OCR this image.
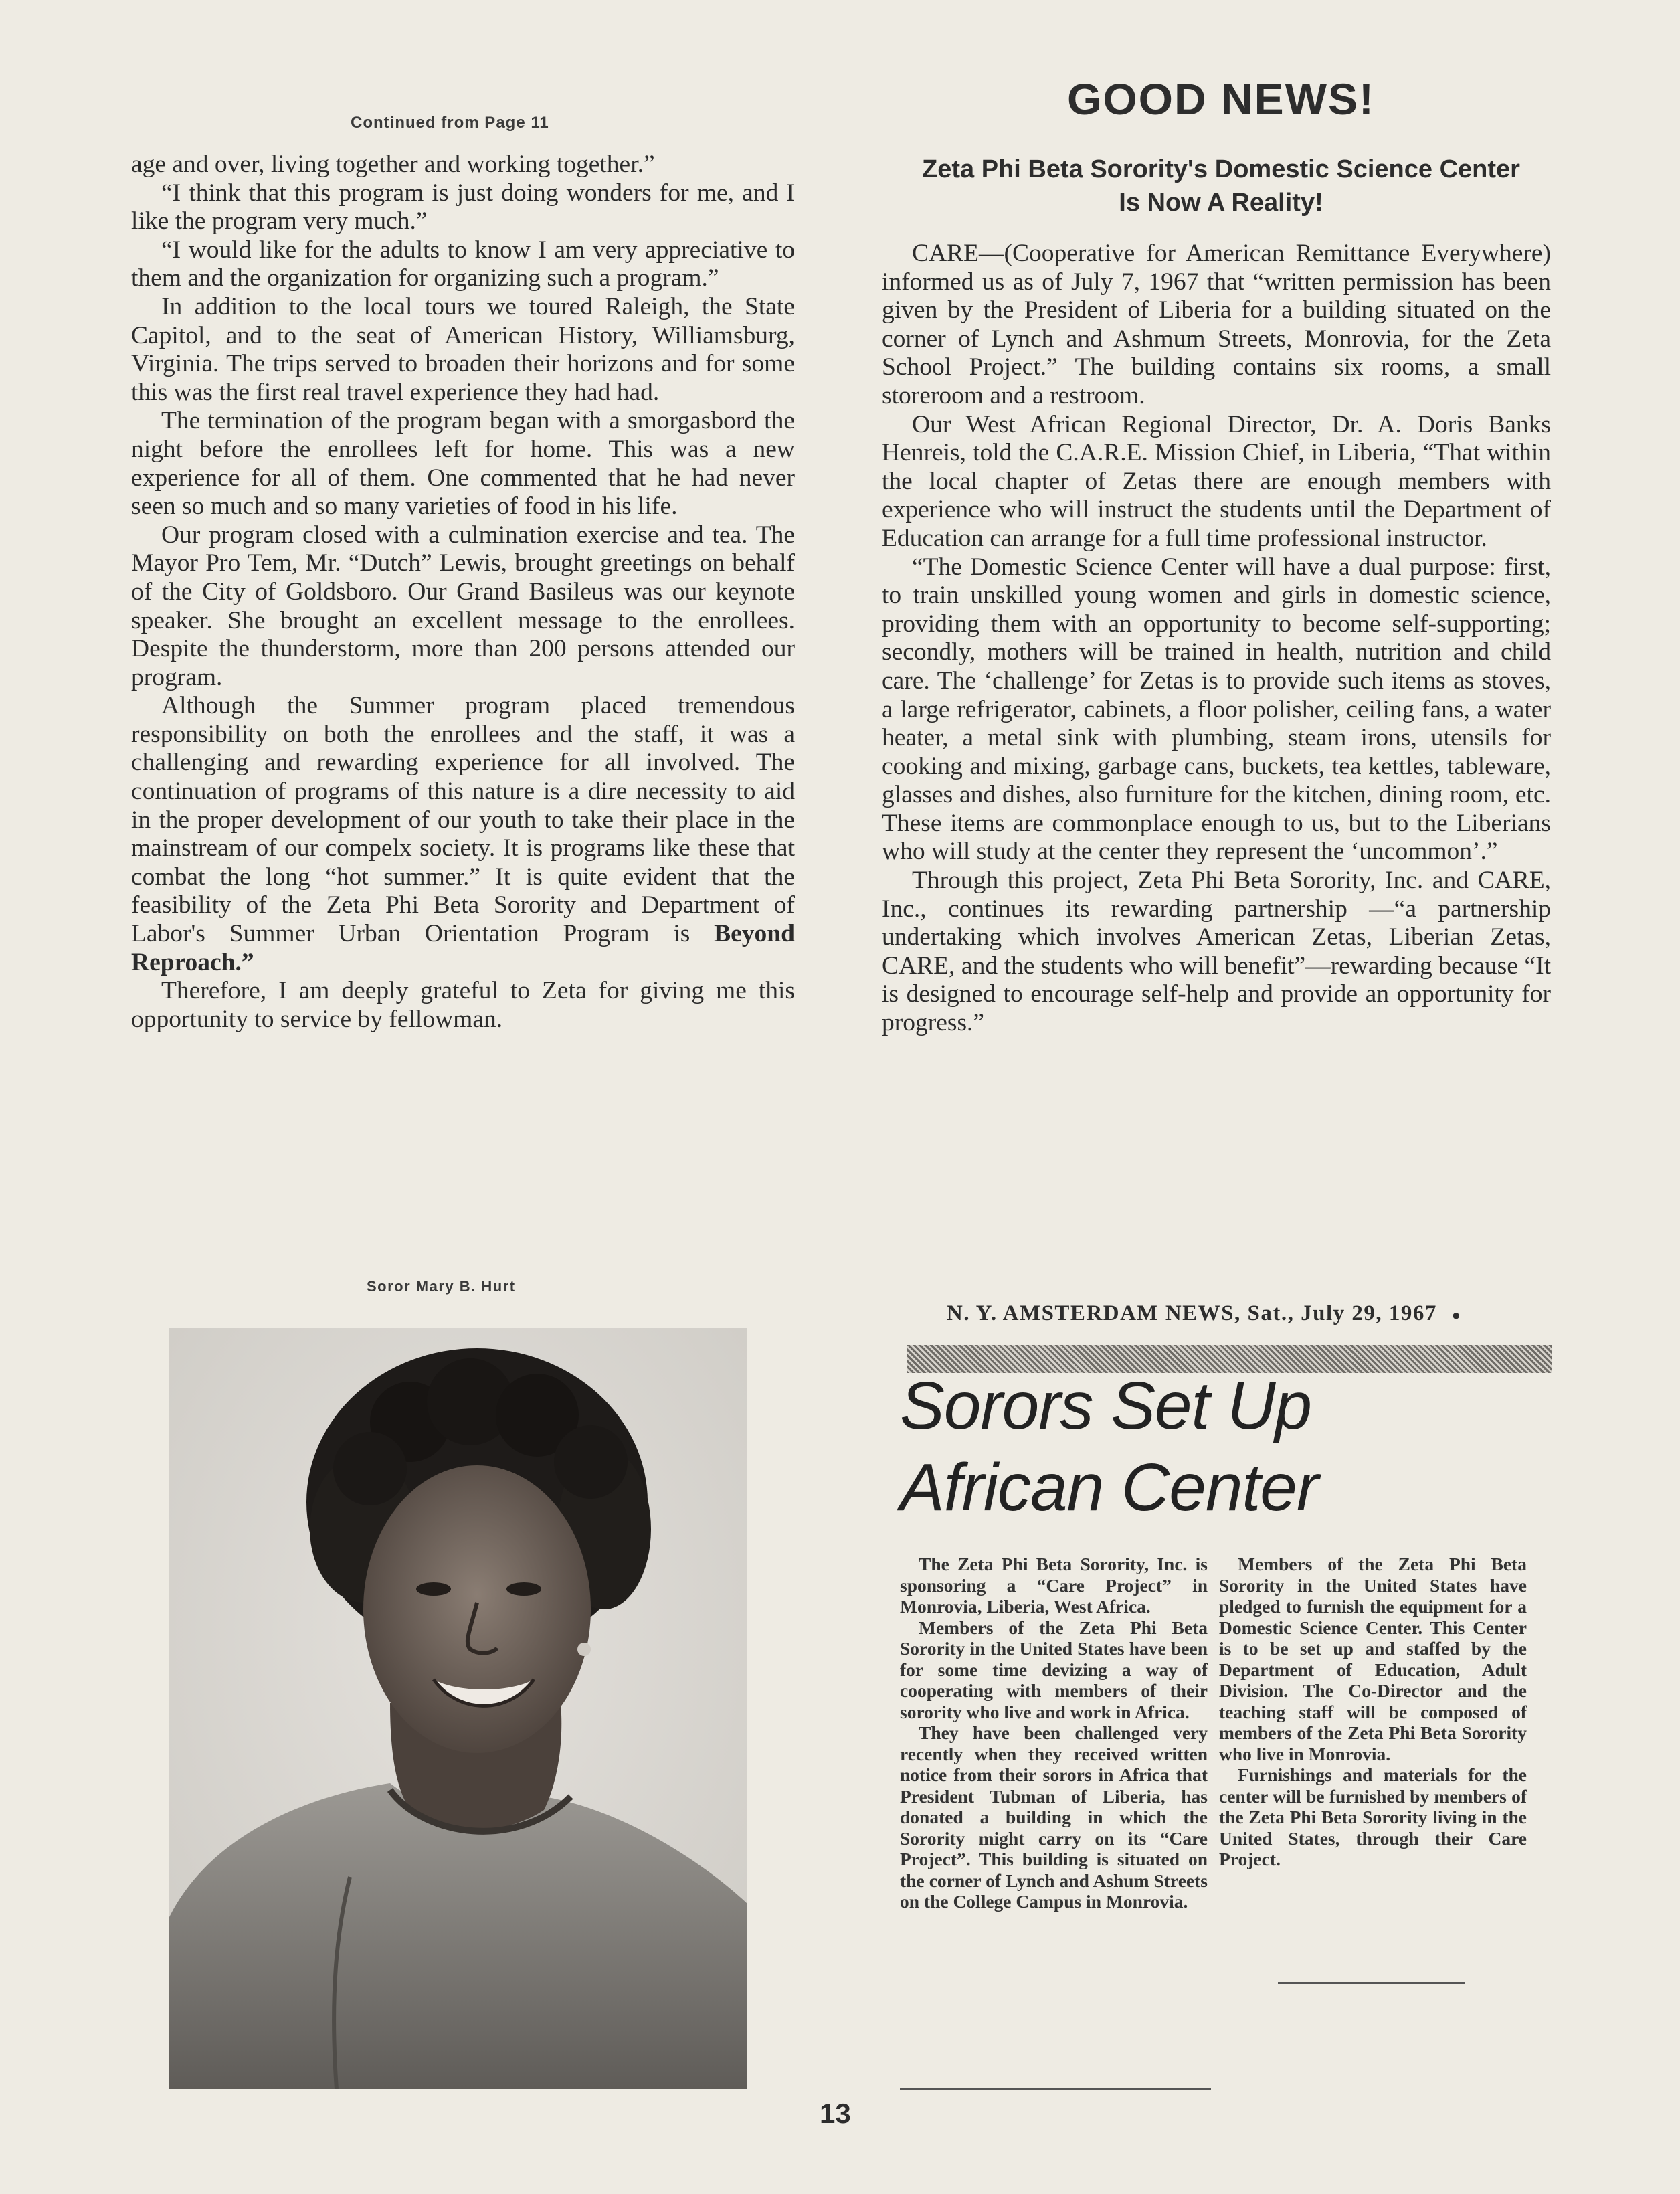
Continued from Page 11

age and over, living together and working together.”

“I think that this program is just doing wonders for me, and I like the program very much.”

“I would like for the adults to know I am very appreciative to them and the organization for organizing such a program.”

In addition to the local tours we toured Raleigh, the State Capitol, and to the seat of American History, Williamsburg, Virginia. The trips served to broaden their horizons and for some this was the first real travel experience they had had.

The termination of the program began with a smorgasbord the night before the enrollees left for home. This was a new experience for all of them. One commented that he had never seen so much and so many varieties of food in his life.

Our program closed with a culmination exercise and tea. The Mayor Pro Tem, Mr. “Dutch” Lewis, brought greetings on behalf of the City of Goldsboro. Our Grand Basileus was our keynote speaker. She brought an excellent message to the enrollees. Despite the thunderstorm, more than 200 persons attended our program.

Although the Summer program placed tremendous responsibility on both the enrollees and the staff, it was a challenging and rewarding experience for all involved. The continuation of programs of this nature is a dire necessity to aid in the proper development of our youth to take their place in the mainstream of our compelx society. It is programs like these that combat the long “hot summer.” It is quite evident that the feasibility of the Zeta Phi Beta Sorority and Department of Labor's Summer Urban Orientation Program is Beyond Reproach.”

Therefore, I am deeply grateful to Zeta for giving me this opportunity to service by fellowman.

Soror Mary B. Hurt
GOOD NEWS!
Zeta Phi Beta Sorority's Domestic Science Center
Is Now A Reality!

CARE—(Cooperative for American Remittance Everywhere) informed us as of July 7, 1967 that “written permission has been given by the President of Liberia for a building situated on the corner of Lynch and Ashmum Streets, Monrovia, for the Zeta School Project.” The building contains six rooms, a small storeroom and a restroom.

Our West African Regional Director, Dr. A. Doris Banks Henreis, told the C.A.R.E. Mission Chief, in Liberia, “That within the local chapter of Zetas there are enough members with experience who will instruct the students until the Department of Education can arrange for a full time professional instructor.

“The Domestic Science Center will have a dual purpose: first, to train unskilled young women and girls in domestic science, providing them with an opportunity to become self-supporting; secondly, mothers will be trained in health, nutrition and child care. The ‘challenge’ for Zetas is to provide such items as stoves, a large refrigerator, cabinets, a floor polisher, ceiling fans, a water heater, a metal sink with plumbing, steam irons, utensils for cooking and mixing, garbage cans, buckets, tea kettles, tableware, glasses and dishes, also furniture for the kitchen, dining room, etc. These items are commonplace enough to us, but to the Liberians who will study at the center they represent the ‘uncommon’.”

Through this project, Zeta Phi Beta Sorority, Inc. and CARE, Inc., continues its rewarding partnership —“a partnership undertaking which involves American Zetas, Liberian Zetas, CARE, and the students who will benefit”—rewarding because “It is designed to encourage self-help and provide an opportunity for progress.”

N. Y. AMSTERDAM NEWS, Sat., July 29, 1967 ●
Sorors Set Up
African Center

The Zeta Phi Beta Sorority, Inc. is sponsoring a “Care Project” in Monrovia, Liberia, West Africa.

Members of the Zeta Phi Beta Sorority in the United States have been for some time devizing a way of cooperating with members of their sorority who live and work in Africa.

They have been challenged very recently when they received written notice from their sorors in Africa that President Tubman of Liberia, has donated a building in which the Sorority might carry on its “Care Project”. This building is situated on the corner of Lynch and Ashum Streets on the College Campus in Monrovia.

Members of the Zeta Phi Beta Sorority in the United States have pledged to furnish the equipment for a Domestic Science Center. This Center is to be set up and staffed by the Department of Education, Adult Division. The Co-Director and the teaching staff will be composed of members of the Zeta Phi Beta Sorority who live in Monrovia.

Furnishings and materials for the center will be furnished by members of the Zeta Phi Beta Sorority living in the United States, through their Care Project.

13
